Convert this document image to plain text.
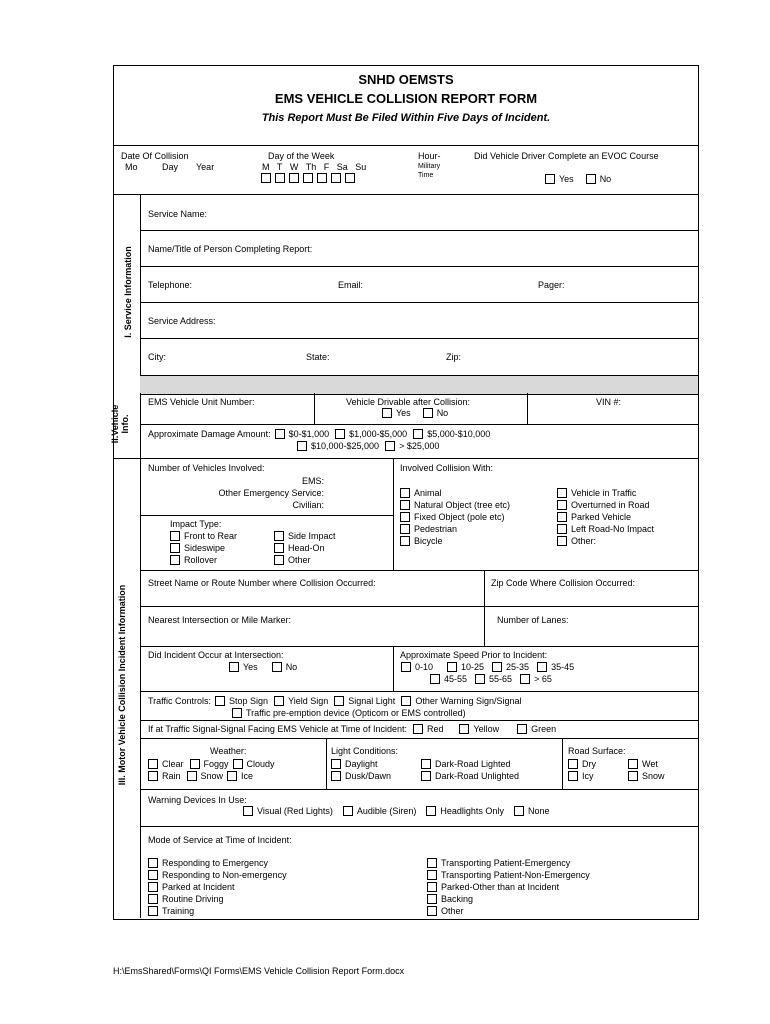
SNHD OEMSTS
EMS VEHICLE COLLISION REPORT FORM
This Report Must Be Filed Within Five Days of Incident.
Date Of Collision
Mo	Day Year
Day of the Week
M T W Th F Sa Su
Hour-
Military
Time
Did Vehicle Driver Complete an EVOC Course
Yes	No
I. Service Information
Service Name:
Name/Title of Person Completing Report:
Telephone:	Email:	Pager:
Service Address:
City:	State:	Zip:
II.Vehicle
Info.
EMS Vehicle Unit Number:	Vehicle Drivable after Collision:
Yes	No
VIN #:
Approximate Damage Amount: $0-$1,000 $1,000-$5,000 $5,000-$10,000
$10,000-$25,000 > $25,000
III. Motor Vehicle Collision Incident Information
Number of Vehicles Involved:
EMS:
Other Emergency Service:
Civilian:
Impact Type:
Front to Rear
Sideswipe
Rollover
Side Impact
Head-On
Other
Involved Collision With:
Animal
Natural Object (tree etc)
Fixed Object (pole etc)
Pedestrian
Bicycle
Vehicle in Traffic
Overturned in Road
Parked Vehicle
Left Road-No Impact
Other:
Street Name or Route Number where Collision Occurred:	Zip Code Where Collision Occurred:
Nearest Intersection or Mile Marker:	Number of Lanes:
Did Incident Occur at Intersection:
Yes	No
Approximate Speed Prior to Incident:
0-10	10-25 25-35 35-45
45-55 55-65 > 65
Traffic Controls: Stop Sign Yield Sign Signal Light Other Warning Sign/Signal
Traffic pre-emption device (Opticom or EMS controlled)
If at Traffic Signal-Signal Facing EMS Vehicle at Time of Incident: Red	Yellow	Green
Weather:
Clear Foggy Cloudy
Rain Snow Ice
Light Conditions:
Daylight
Dusk/Dawn
Dark-Road Lighted
Dark-Road Unlighted
Road Surface:
Dry
Icy
Wet
Snow
Warning Devices In Use:
Visual (Red Lights)	Audible (Siren)	Headlights Only	None
Mode of Service at Time of Incident:
Responding to Emergency
Responding to Non-emergency
Parked at Incident
Routine Driving
Training
Transporting Patient-Emergency
Transporting Patient-Non-Emergency
Parked-Other than at Incident
Backing
Other
H:\EmsShared\Forms\QI Forms\EMS Vehicle Collision Report Form.docx
